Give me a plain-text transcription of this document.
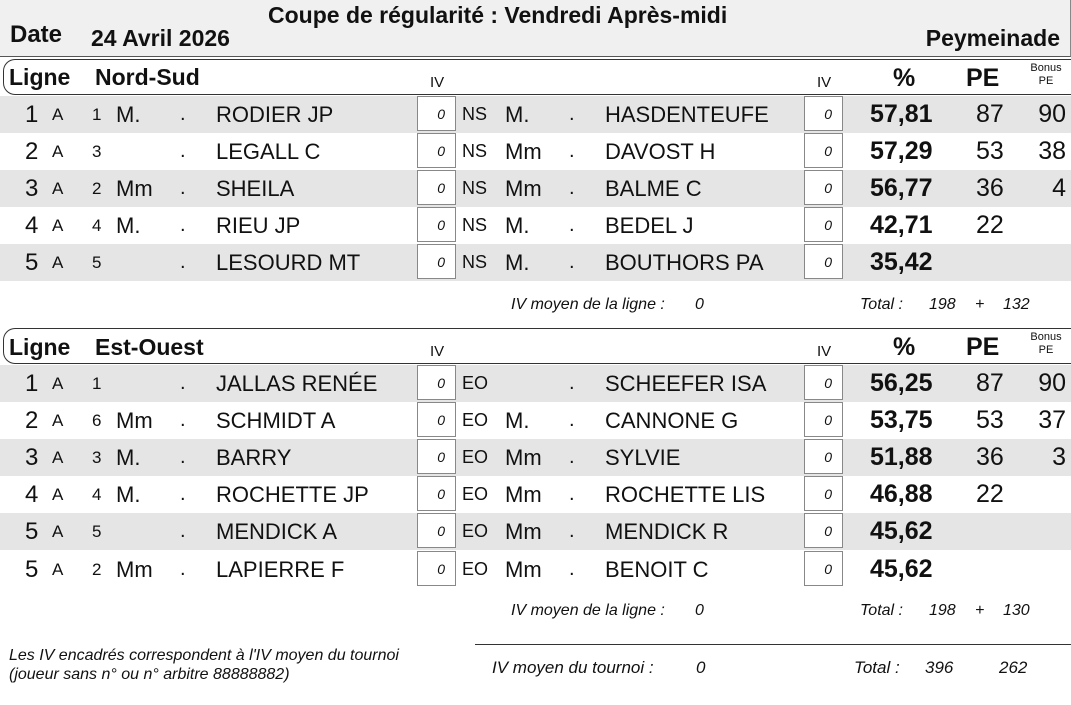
Date 24 Avril 2026
Coupe de régularité : Vendredi Après-midi
Peymeinade
Ligne Nord-Sud	IV	IV % PE	Bonus
PE
1 A 1 M. . RODIER JP	0 NS M. . HASDENTEUFE	0	57,81 87 90
2 A 3	. LEGALL C	0 NS Mm . DAVOST H	0	57,29 53 38
3 A 2 Mm . SHEILA	0 NS Mm . BALME C	0	56,77 36 4
4 A 4 M. . RIEU JP	0 NS M. . BEDEL J	0	42,71 22
5 A 5	. LESOURD MT	0 NS M. . BOUTHORS PA	0	35,42
IV moyen de la ligne : 0	Total : 198 + 132
Ligne Est-Ouest	IV	IV % PE	Bonus
PE
1 A 1	. JALLAS RENÉE	0 EO	. SCHEEFER ISA	0	56,25 87 90
2 A 6 Mm . SCHMIDT A	0 EO M. . CANNONE G	0	53,75 53 37
3 A 3 M. . BARRY	0 EO Mm . SYLVIE	0	51,88 36 3
4 A 4 M. . ROCHETTE JP	0 EO Mm . ROCHETTE LIS	0	46,88 22
5 A 5	. MENDICK A	0 EO Mm . MENDICK R	0	45,62
5 A 2 Mm . LAPIERRE F	0 EO Mm . BENOIT C	0	45,62
IV moyen de la ligne : 0	Total : 198 + 130
Les IV encadrés correspondent à l'IV moyen du tournoi (joueur sans n° ou n° arbitre 88888882)	IV moyen du tournoi : 0	Total : 396	262
